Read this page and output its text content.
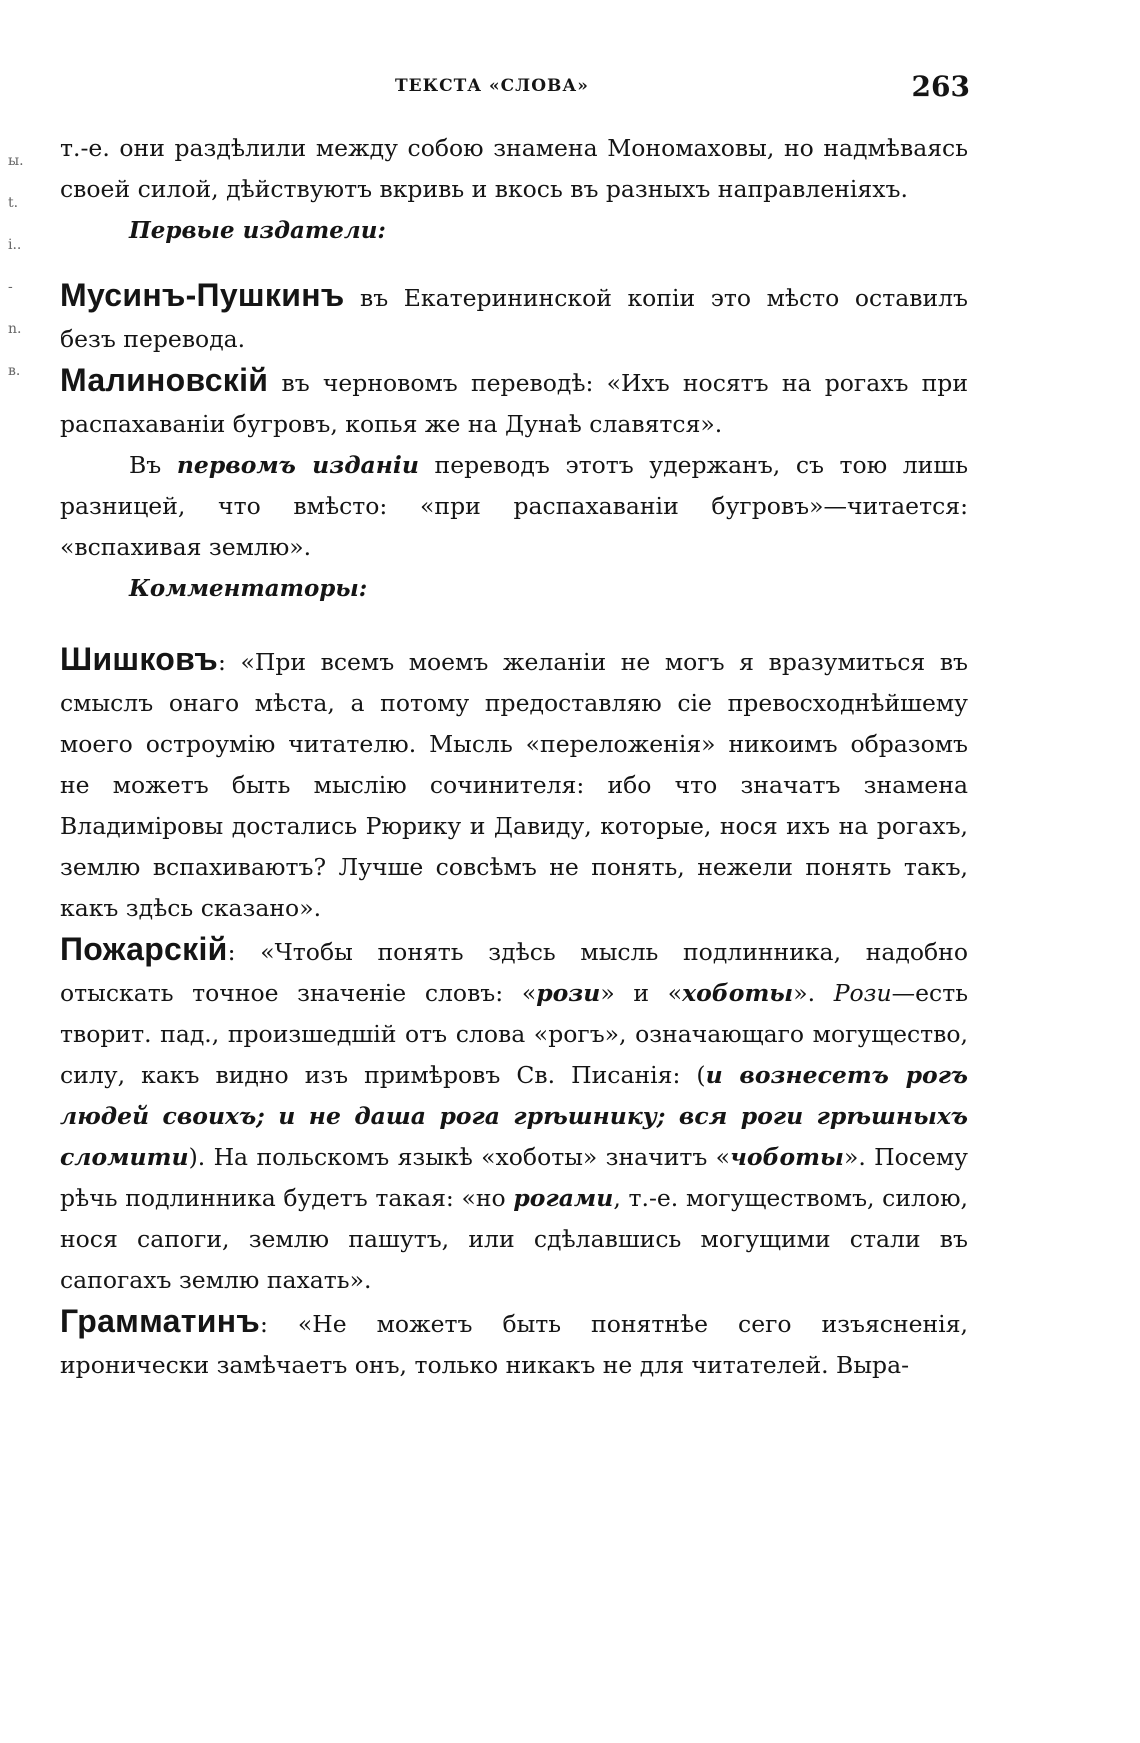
ТЕКСТА «СЛОВА»	263
ы.
t.
i..
-
n.
в.

т.-е. они раздѣлили между собою знамена Мономаховы, но надмѣваясь своей силой, дѣйствуютъ вкривь и вкось въ разныхъ направленіяхъ.

Первые издатели:

Мусинъ-Пушкинъ въ Екатерининской копіи это мѣсто оставилъ безъ перевода.

Малиновскій въ черновомъ переводѣ: «Ихъ носятъ на рогахъ при распахаваніи бугровъ, копья же на Дунаѣ славятся».

Въ первомъ изданіи переводъ этотъ удержанъ, съ тою лишь разницей, что вмѣсто: «при распахаваніи бугровъ»—читается: «вспахивая землю».

Комментаторы:

Шишковъ: «При всемъ моемъ желаніи не могъ я вразумиться въ смыслъ онаго мѣста, а потому предоставляю сіе превосходнѣйшему моего остроумію читателю. Мысль «переложенія» никоимъ образомъ не можетъ быть мыслію сочинителя: ибо что значатъ знамена Владиміровы достались Рюрику и Давиду, которые, нося ихъ на рогахъ, землю вспахиваютъ? Лучше совсѣмъ не понять, нежели понять такъ, какъ здѣсь сказано».

Пожарскій: «Чтобы понять здѣсь мысль подлинника, надобно отыскать точное значеніе словъ: «рози» и «хоботы». Рози—есть творит. пад., произшедшій отъ слова «рогъ», означающаго могущество, силу, какъ видно изъ примѣровъ Св. Писанія: (и вознесетъ рогъ людей своихъ; и не даша рога грѣшнику; вся роги грѣшныхъ сломити). На польскомъ языкѣ «хоботы» значитъ «чоботы». Посему рѣчь подлинника будетъ такая: «но рогами, т.-е. могуществомъ, силою, нося сапоги, землю пашутъ, или сдѣлавшись могущими стали въ сапогахъ землю пахать».

Грамматинъ: «Не можетъ быть понятнѣе сего изъясненія, иронически замѣчаетъ онъ, только никакъ не для читателей. Выра-
